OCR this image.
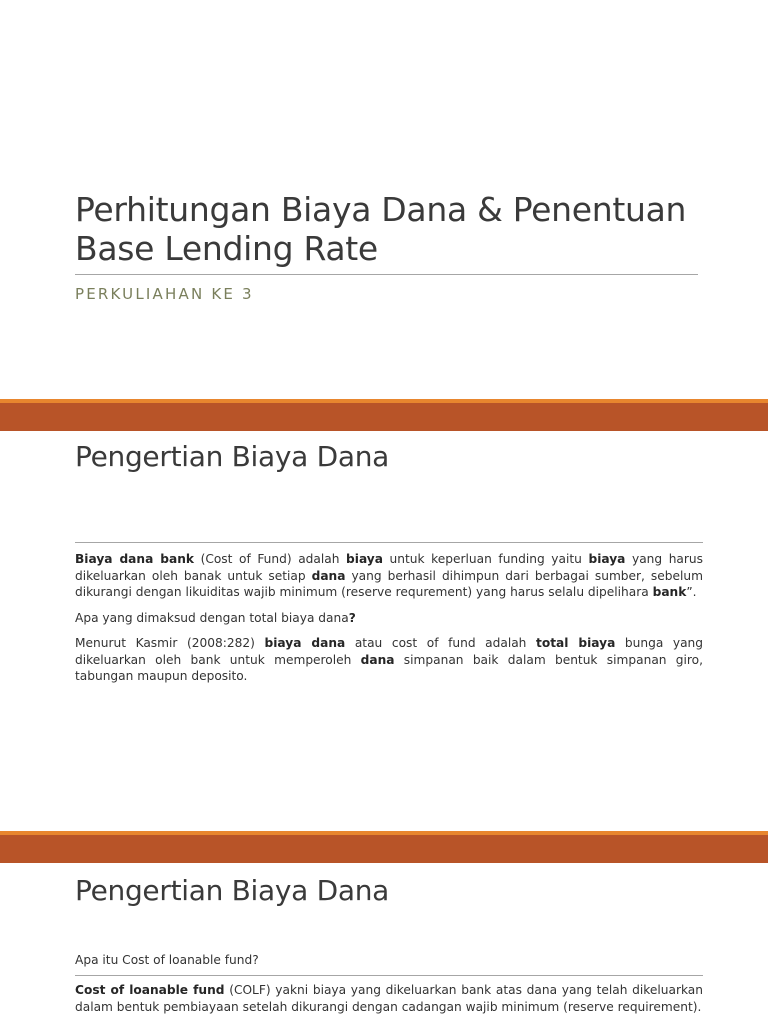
Perhitungan Biaya Dana & Penentuan
Base Lending Rate
PERKULIAHAN KE 3
Pengertian Biaya Dana

Biaya dana bank (Cost of Fund) adalah biaya untuk keperluan funding yaitu biaya yang harus dikeluarkan oleh banak untuk setiap dana yang berhasil dihimpun dari berbagai sumber, sebelum dikurangi dengan likuiditas wajib minimum (reserve requrement) yang harus selalu dipelihara bank”.

Apa yang dimaksud dengan total biaya dana?

Menurut Kasmir (2008:282) biaya dana atau cost of fund adalah total biaya bunga yang dikeluarkan oleh bank untuk memperoleh dana simpanan baik dalam bentuk simpanan giro, tabungan maupun deposito.

Pengertian Biaya Dana
Apa itu Cost of loanable fund?

Cost of loanable fund (COLF) yakni biaya yang dikeluarkan bank atas dana yang telah dikeluarkan dalam bentuk pembiayaan setelah dikurangi dengan cadangan wajib minimum (reserve requirement).
